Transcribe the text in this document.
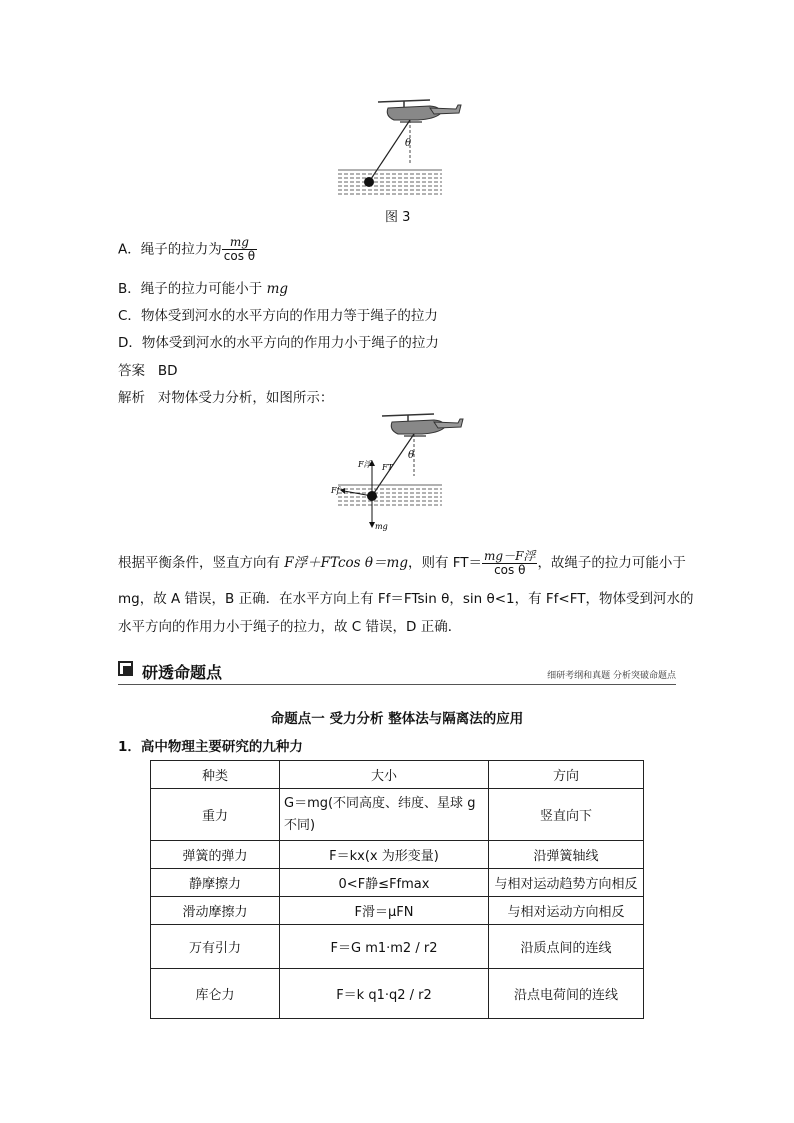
θ
图 3
A．绳子的拉力为 $\frac{mg}{\text{cos θ}}$
B．绳子的拉力可能小于 mg
C．物体受到河水的水平方向的作用力等于绳子的拉力
D．物体受到河水的水平方向的作用力小于绳子的拉力
答案 BD
解析 对物体受力分析，如图所示：
θ
F浮 FT
Ff
mg
根据平衡条件，竖直方向有 F浮＋FTcos θ＝mg，则有 $FT= \frac{\text{mg－F浮}}{\text{cos θ}}$ ，故绳子的拉力可能小于
mg，故 A 错误，B 正确．在水平方向上有 Ff＝FTsin θ，sin θ<1，有 Ff<FT，物体受到河水的
水平方向的作用力小于绳子的拉力，故 C 错误，D 正确．
研透命题点	细研考纲和真题 分析突破命题点
命题点一 受力分析 整体法与隔离法的应用
1．高中物理主要研究的九种力
种类	大小	方向
重力	G＝mg(不同高度、纬度、星球 g 不同)	竖直向下
弹簧的弹力	F＝kx(x 为形变量)	沿弹簧轴线
静摩擦力	0<F静≤Ffmax	与相对运动趋势方向相反
滑动摩擦力	F滑＝μFN	与相对运动方向相反
万有引力	F＝G m1·m2 / r2	沿质点间的连线
库仑力	F＝k q1·q2 / r2	沿点电荷间的连线
